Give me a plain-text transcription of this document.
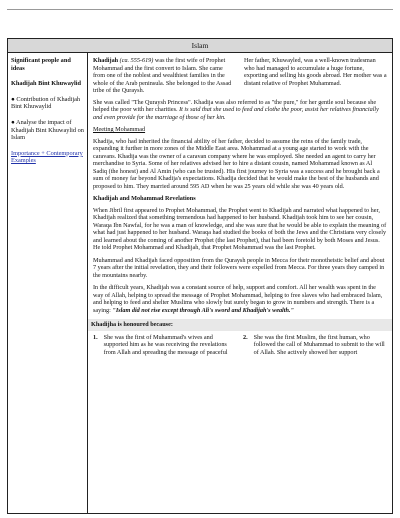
Islam

Significant people and ideas

Khadijah Bint Khuwaylid

● Contribution of Khadijah Bint Khuwaylid

● Analyse the impact of Khadijah Bint Khuwaylid on Islam

Importance + Contemporary Examples

Khadijah (ca. 555-619) was the first wife of Prophet Mohammad and the first convert to Islam. She came from one of the noblest and wealthiest families in the whole of the Arab peninsula. She belonged to the Assad tribe of the Quraysh.
Her father, Khuwayled, was a well-known tradesman who had managed to accumulate a huge fortune, exporting and selling his goods abroad. Her mother was a distant relative of Prophet Muhammad.

She was called "The Quraysh Princess". Khadija was also referred to as "the pure," for her gentle soul because she helped the poor with her charities. It is said that she used to feed and clothe the poor, assist her relatives financially and even provide for the marriage of those of her kin.

Meeting Mohammad

Khadija, who had inherited the financial ability of her father, decided to assume the reins of the family trade, expanding it further in more zones of the Middle East area. Mohammad at a young age started to work with the caravans. Khadija was the owner of a caravan company where he was employed. She needed an agent to carry her merchandise to Syria. Some of her relatives advised her to hire a distant cousin, named Mohammad known as Al Sadiq (the honest) and Al Amin (who can be trusted). His first journey to Syria was a success and he brought back a sum of money far beyond Khadija's expectations. Khadija decided that he would make the best of the husbands and proposed to him. They married around 595 AD when he was 25 years old while she was 40 years old.

Khadijah and Mohammad Revelations

When Jibril first appeared to Prophet Mohammad, the Prophet went to Khadijah and narrated what happened to her, Khadijah realized that something tremendous had happened to her husband. Khadijah took him to see her cousin, Waraqa Ibn Nawfal, for he was a man of knowledge, and she was sure that he would be able to explain the meaning of what had just happened to her husband. Waraqa had studied the books of both the Jews and the Christians very closely and learned about the coming of another Prophet (the last Prophet), that had been foretold by both Moses and Jesus. He told Prophet Mohammad and Khadijah, that Prophet Mohammad was the last Prophet.

Muhammad and Khadijah faced opposition from the Quraysh people in Mecca for their monotheistic belief and about 7 years after the initial revelation, they and their followers were expelled from Mecca. For three years they camped in the mountains nearby.

In the difficult years, Khadijah was a constant source of help, support and comfort. All her wealth was spent in the way of Allah, helping to spread the message of Prophet Mohammad, helping to free slaves who had embraced Islam, and helping to feed and shelter Muslims who slowly but surely began to grow in numbers and strength. There is a saying: "Islam did not rise except through Ali's sword and Khadijah's wealth."

Khadijha is honoured because:
1. She was the first of Muhammad's wives and supported him as he was receiving the revelations from Allah and spreading the message of peaceful
2. She was the first Muslim, the first human, who followed the call of Muhammad to submit to the will of Allah. She actively showed her support
